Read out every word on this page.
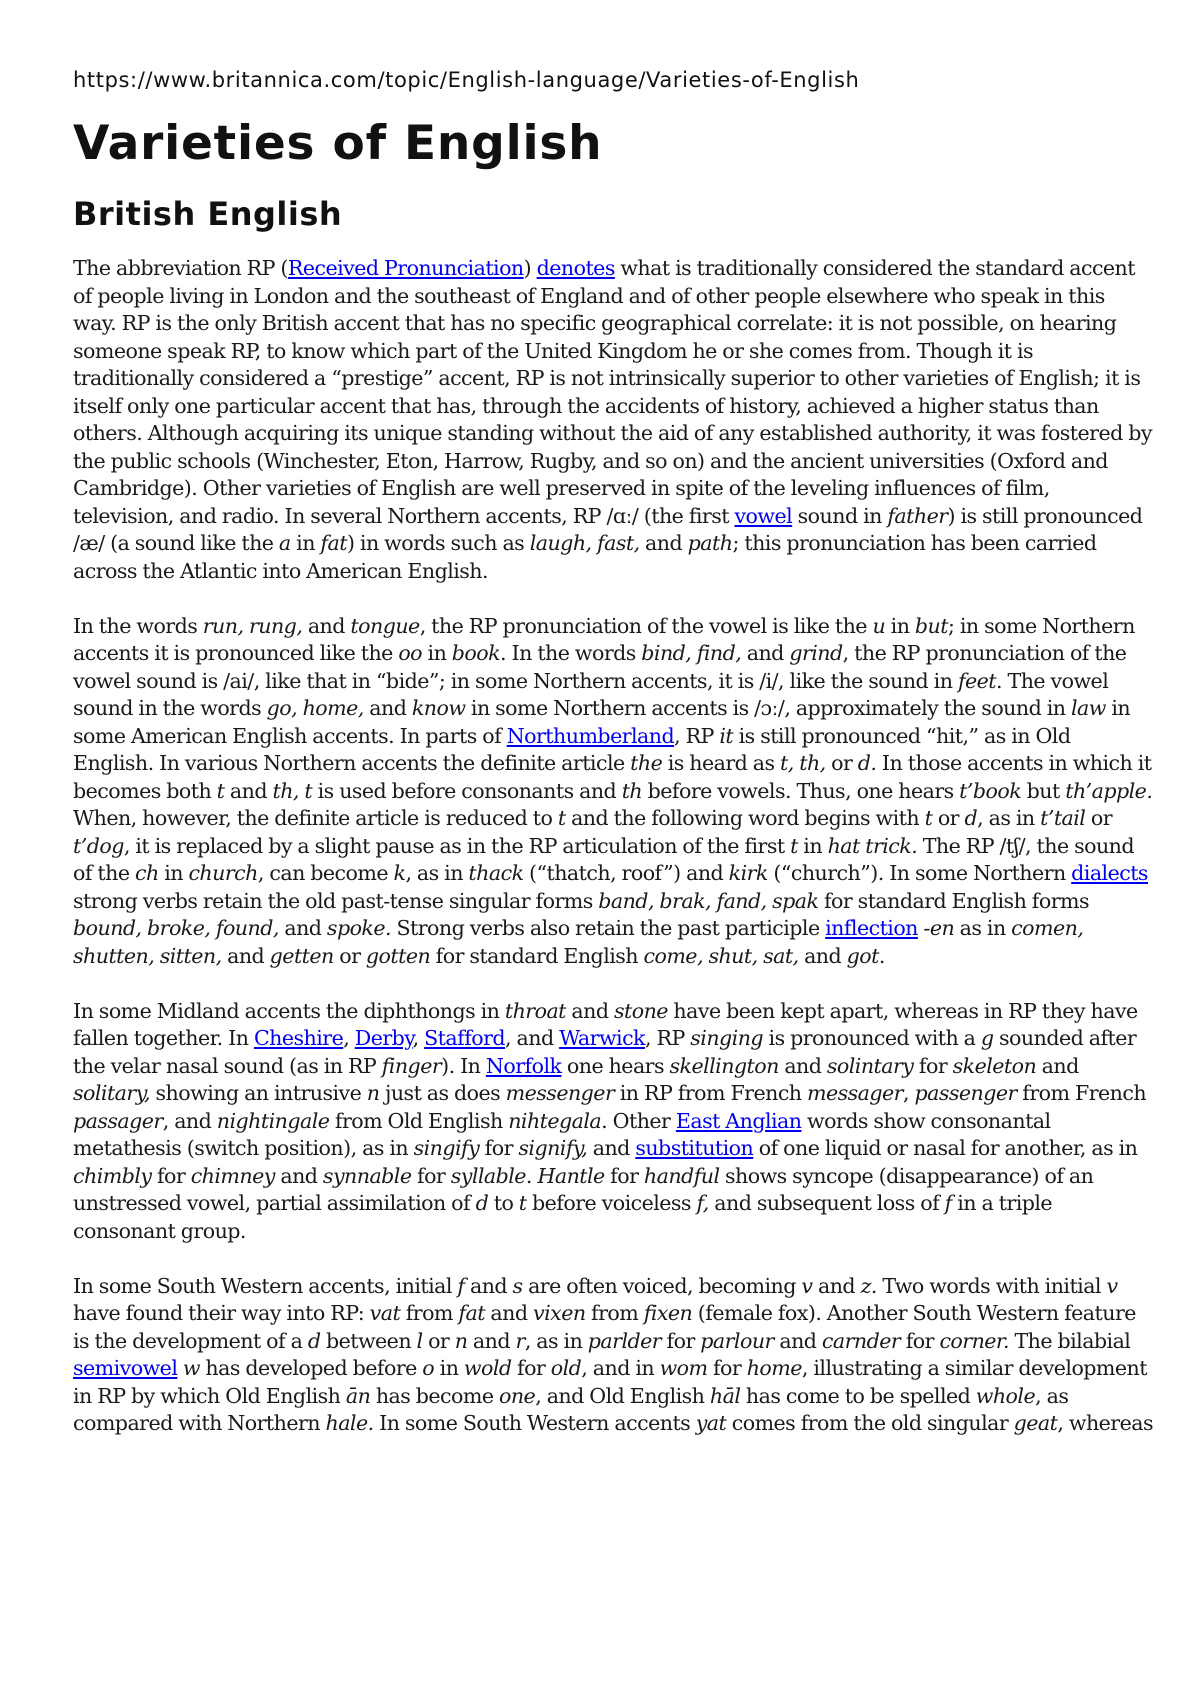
https://www.britannica.com/topic/English-language/Varieties-of-English
Varieties of English
British English

The abbreviation RP (Received Pronunciation) denotes what is traditionally considered the standard accent of people living in London and the southeast of England and of other people elsewhere who speak in this way. RP is the only British accent that has no specific geographical correlate: it is not possible, on hearing someone speak RP, to know which part of the United Kingdom he or she comes from. Though it is traditionally considered a “prestige” accent, RP is not intrinsically superior to other varieties of English; it is itself only one particular accent that has, through the accidents of history, achieved a higher status than others. Although acquiring its unique standing without the aid of any established authority, it was fostered by the public schools (Winchester, Eton, Harrow, Rugby, and so on) and the ancient universities (Oxford and Cambridge). Other varieties of English are well preserved in spite of the leveling influences of film, television, and radio. In several Northern accents, RP /ɑː/ (the first vowel sound in father) is still pronounced /æ/ (a sound like the a in fat) in words such as laugh, fast, and path; this pronunciation has been carried across the Atlantic into American English.

In the words run, rung, and tongue, the RP pronunciation of the vowel is like the u in but; in some Northern accents it is pronounced like the oo in book. In the words bind, find, and grind, the RP pronunciation of the vowel sound is /ai/, like that in “bide”; in some Northern accents, it is /i/, like the sound in feet. The vowel sound in the words go, home, and know in some Northern accents is /ɔː/, approximately the sound in law in some American English accents. In parts of Northumberland, RP it is still pronounced “hit,” as in Old English. In various Northern accents the definite article the is heard as t, th, or d. In those accents in which it becomes both t and th, t is used before consonants and th before vowels. Thus, one hears t’book but th’apple. When, however, the definite article is reduced to t and the following word begins with t or d, as in t’tail or t’dog, it is replaced by a slight pause as in the RP articulation of the first t in hat trick. The RP /tʃ/, the sound of the ch in church, can become k, as in thack (“thatch, roof”) and kirk (“church”). In some Northern dialects strong verbs retain the old past-tense singular forms band, brak, fand, spak for standard English forms bound, broke, found, and spoke. Strong verbs also retain the past participle inflection -en as in comen, shutten, sitten, and getten or gotten for standard English come, shut, sat, and got.

In some Midland accents the diphthongs in throat and stone have been kept apart, whereas in RP they have fallen together. In Cheshire, Derby, Stafford, and Warwick, RP singing is pronounced with a g sounded after the velar nasal sound (as in RP finger). In Norfolk one hears skellington and solintary for skeleton and solitary, showing an intrusive n just as does messenger in RP from French messager, passenger from French passager, and nightingale from Old English nihtegala. Other East Anglian words show consonantal metathesis (switch position), as in singify for signify, and substitution of one liquid or nasal for another, as in chimbly for chimney and synnable for syllable. Hantle for handful shows syncope (disappearance) of an unstressed vowel, partial assimilation of d to t before voiceless f, and subsequent loss of f in a triple consonant group.

In some South Western accents, initial f and s are often voiced, becoming v and z. Two words with initial v have found their way into RP: vat from fat and vixen from fixen (female fox). Another South Western feature is the development of a d between l or n and r, as in parlder for parlour and carnder for corner. The bilabial semivowel w has developed before o in wold for old, and in wom for home, illustrating a similar development in RP by which Old English ān has become one, and Old English hāl has come to be spelled whole, as compared with Northern hale. In some South Western accents yat comes from the old singular geat, whereas
